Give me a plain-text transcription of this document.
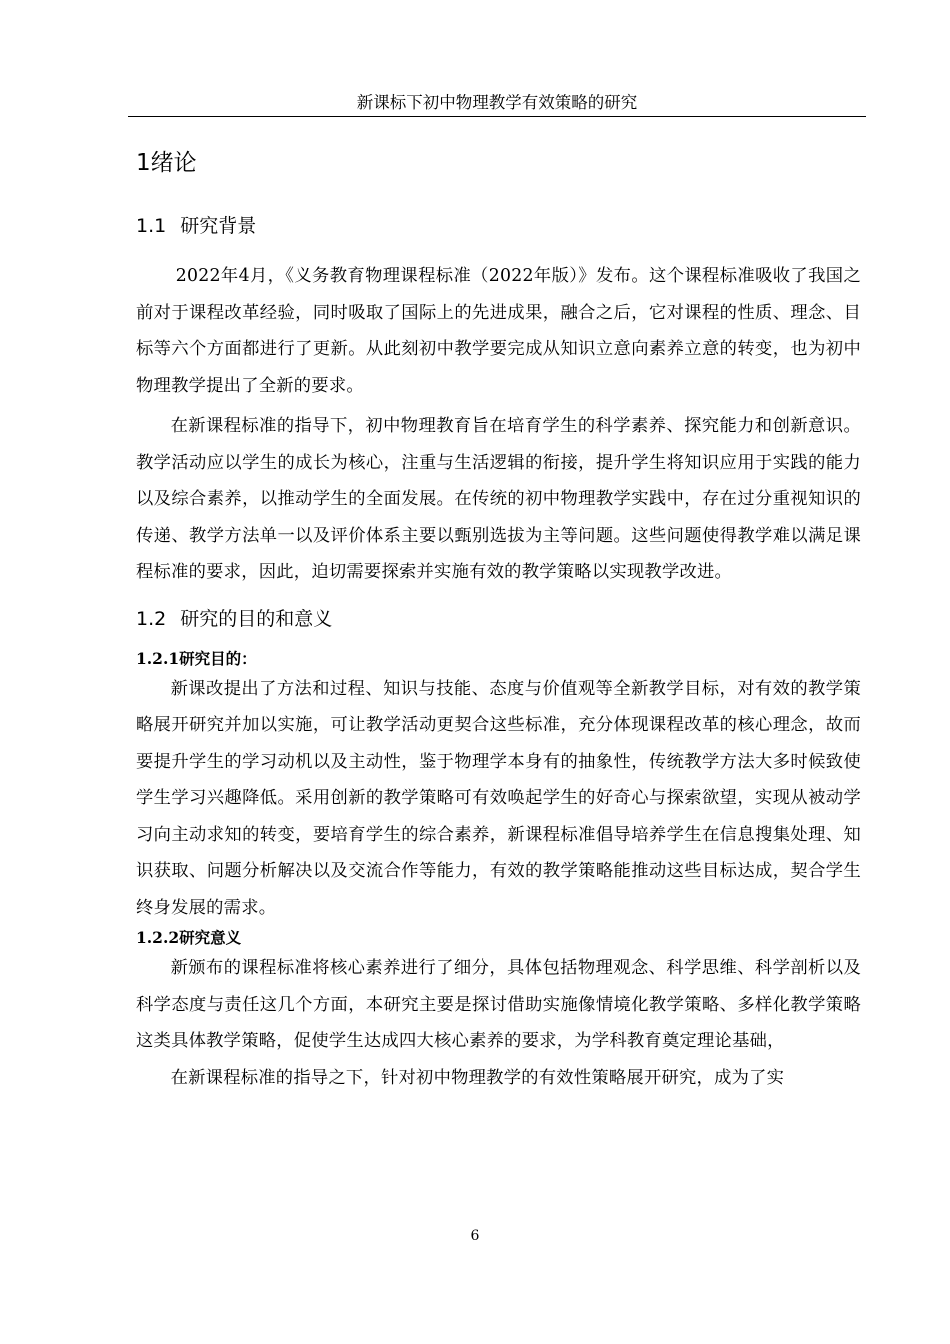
新课标下初中物理教学有效策略的研究
1绪论
1.1 研究背景

2022年4月，《义务教育物理课程标准（2022年版）》发布。这个课程标准吸收了我国之前对于课程改革经验，同时吸取了国际上的先进成果，融合之后，它对课程的性质、理念、目标等六个方面都进行了更新。从此刻初中教学要完成从知识立意向素养立意的转变，也为初中物理教学提出了全新的要求。

在新课程标准的指导下，初中物理教育旨在培育学生的科学素养、探究能力和创新意识。教学活动应以学生的成长为核心，注重与生活逻辑的衔接，提升学生将知识应用于实践的能力以及综合素养，以推动学生的全面发展。在传统的初中物理教学实践中，存在过分重视知识的传递、教学方法单一以及评价体系主要以甄别选拔为主等问题。这些问题使得教学难以满足课程标准的要求，因此，迫切需要探索并实施有效的教学策略以实现教学改进。

1.2 研究的目的和意义
1.2.1研究目的：

新课改提出了方法和过程、知识与技能、态度与价值观等全新教学目标，对有效的教学策略展开研究并加以实施，可让教学活动更契合这些标准，充分体现课程改革的核心理念，故而要提升学生的学习动机以及主动性，鉴于物理学本身有的抽象性，传统教学方法大多时候致使学生学习兴趣降低。采用创新的教学策略可有效唤起学生的好奇心与探索欲望，实现从被动学习向主动求知的转变，要培育学生的综合素养，新课程标准倡导培养学生在信息搜集处理、知识获取、问题分析解决以及交流合作等能力，有效的教学策略能推动这些目标达成，契合学生终身发展的需求。

1.2.2研究意义

新颁布的课程标准将核心素养进行了细分，具体包括物理观念、科学思维、科学剖析以及科学态度与责任这几个方面，本研究主要是探讨借助实施像情境化教学策略、多样化教学策略这类具体教学策略，促使学生达成四大核心素养的要求，为学科教育奠定理论基础，

在新课程标准的指导之下，针对初中物理教学的有效性策略展开研究，成为了实

6
